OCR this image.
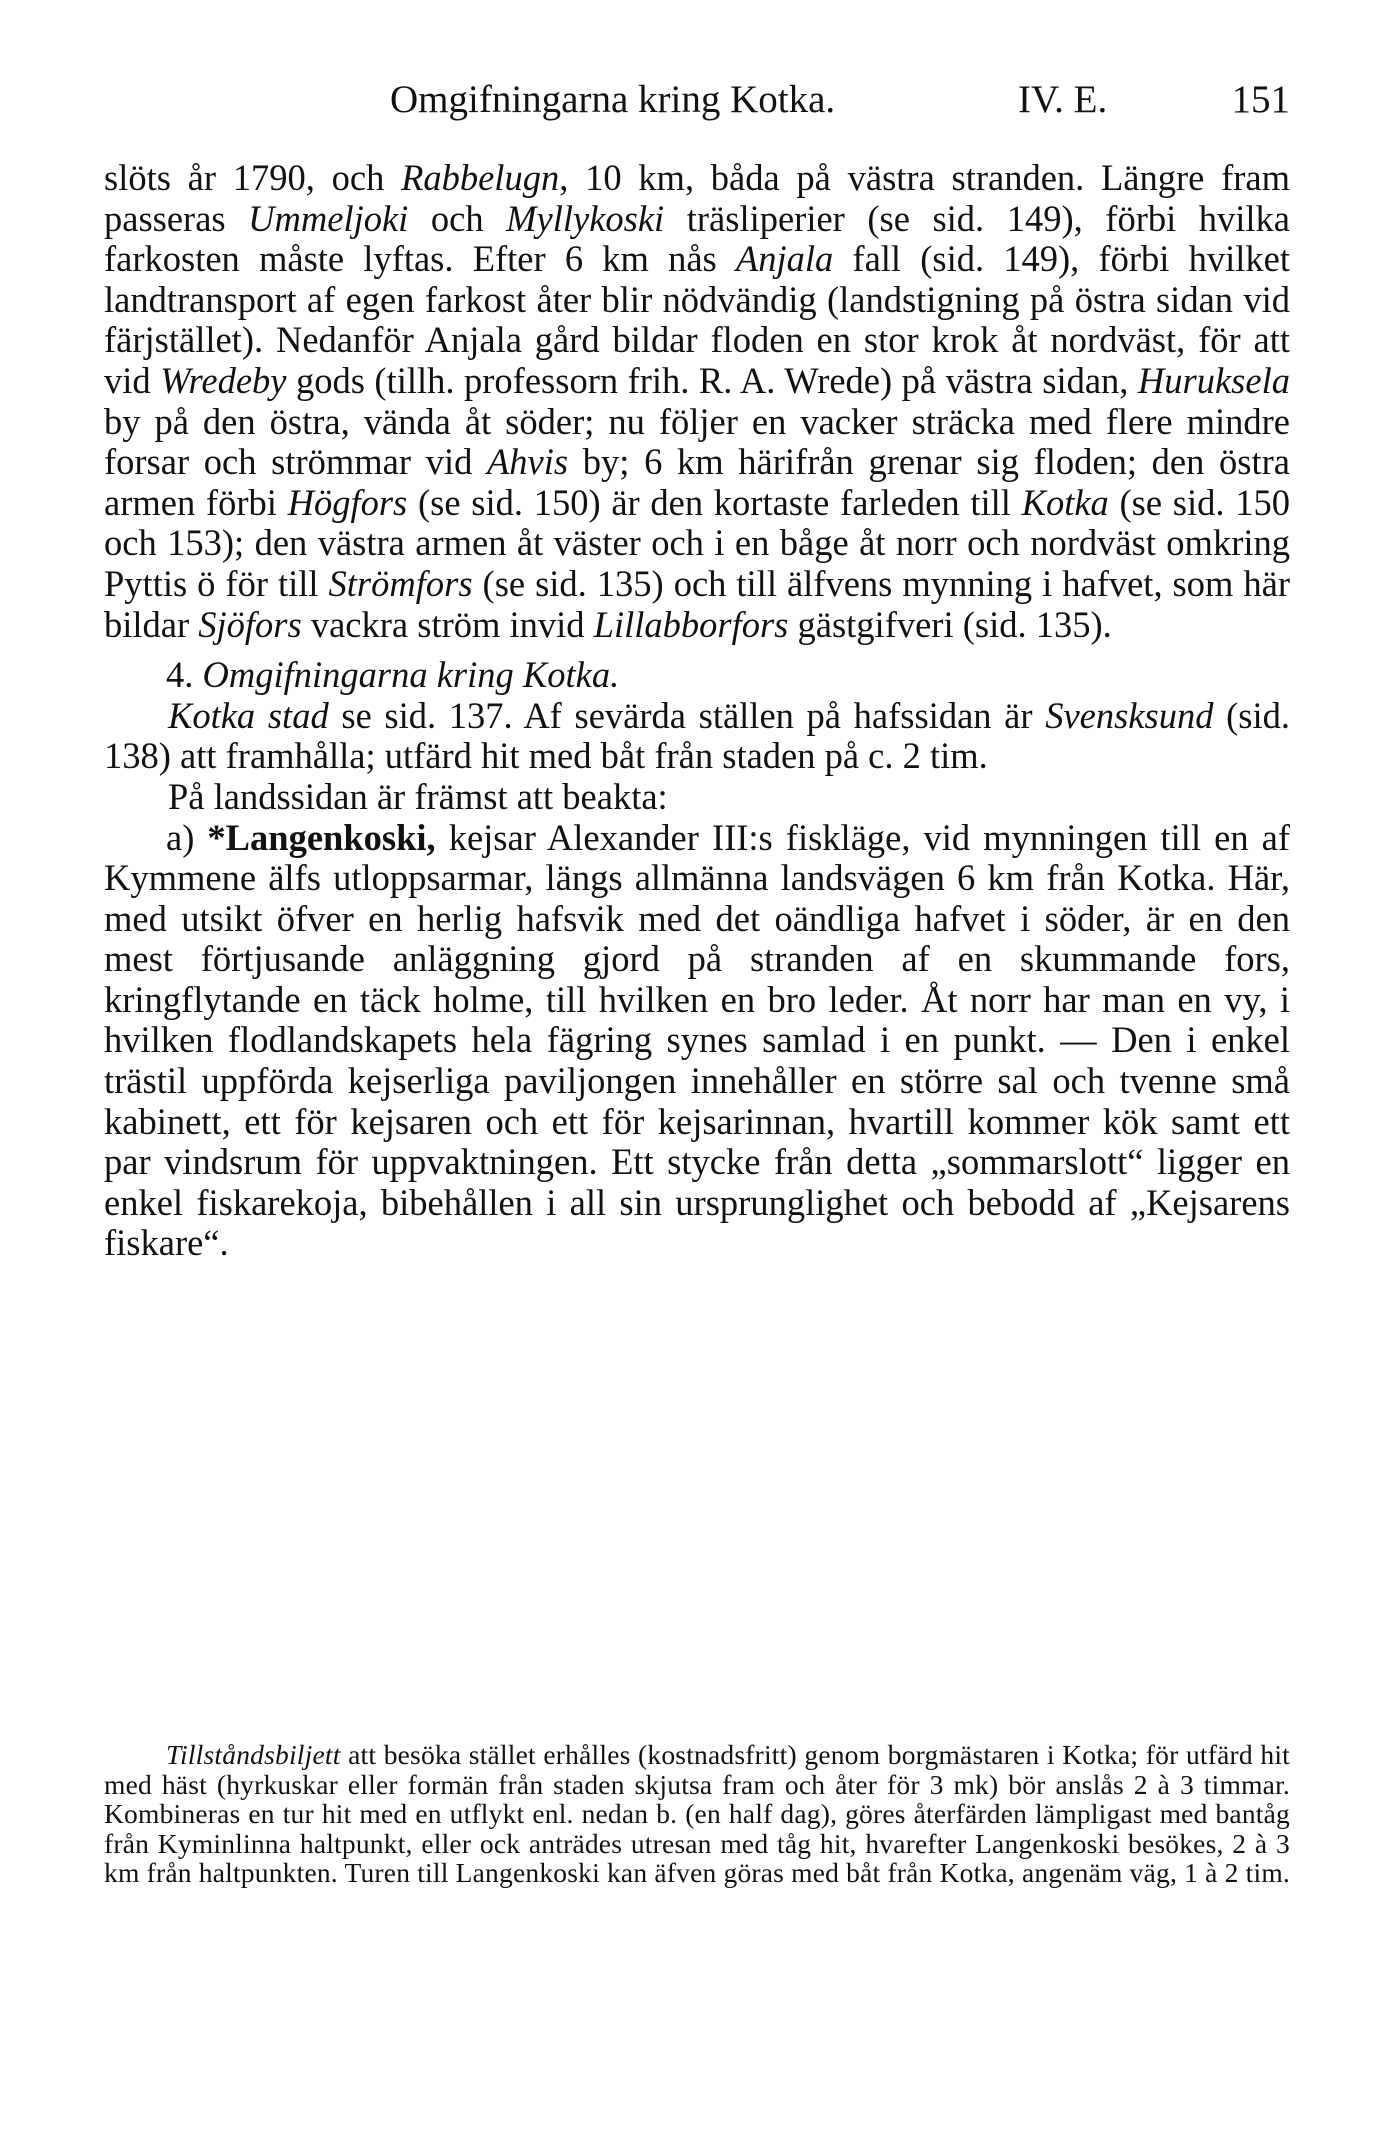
Omgifningarna kring Kotka.	IV. E.	151

slöts år 1790, och Rabbelugn, 10 km, båda på västra stranden. Längre fram passeras Ummeljoki och Myllykoski träsliperier (se sid. 149), förbi hvilka farkosten måste lyftas. Efter 6 km nås Anjala fall (sid. 149), förbi hvilket landtransport af egen farkost åter blir nödvändig (landstigning på östra sidan vid färjstället). Nedanför Anjala gård bildar floden en stor krok åt nordväst, för att vid Wredeby gods (tillh. professorn frih. R. A. Wrede) på västra sidan, Huruksela by på den östra, vända åt söder; nu följer en vacker sträcka med flere mindre forsar och strömmar vid Ahvis by; 6 km härifrån grenar sig floden; den östra armen förbi Högfors (se sid. 150) är den kortaste farleden till Kotka (se sid. 150 och 153); den västra armen åt väster och i en båge åt norr och nordväst omkring Pyttis ö för till Strömfors (se sid. 135) och till älfvens mynning i hafvet, som här bildar Sjöfors vackra ström invid Lillabborfors gästgifveri (sid. 135).

4. Omgifningarna kring Kotka.

Kotka stad se sid. 137. Af sevärda ställen på hafssidan är Svensksund (sid. 138) att framhålla; utfärd hit med båt från staden på c. 2 tim.

På landssidan är främst att beakta:

a) *Langenkoski, kejsar Alexander III:s fiskläge, vid mynningen till en af Kymmene älfs utloppsarmar, längs allmänna landsvägen 6 km från Kotka. Här, med utsikt öfver en herlig hafsvik med det oändliga hafvet i söder, är en den mest förtjusande anläggning gjord på stranden af en skummande fors, kringflytande en täck holme, till hvilken en bro leder. Åt norr har man en vy, i hvilken flodlandskapets hela fägring synes samlad i en punkt. — Den i enkel trästil uppförda kejserliga paviljongen innehåller en större sal och tvenne små kabinett, ett för kejsaren och ett för kejsarinnan, hvartill kommer kök samt ett par vindsrum för uppvaktningen. Ett stycke från detta „sommarslott“ ligger en enkel fiskarekoja, bibehållen i all sin ursprunglighet och bebodd af „Kejsarens fiskare“.

Tillståndsbiljett att besöka stället erhålles (kostnadsfritt) genom borgmästaren i Kotka; för utfärd hit med häst (hyrkuskar eller formän från staden skjutsa fram och åter för 3 mk) bör anslås 2 à 3 timmar. Kombineras en tur hit med en utflykt enl. nedan b. (en half dag), göres återfärden lämpligast med bantåg från Kyminlinna haltpunkt, eller ock anträdes utresan med tåg hit, hvarefter Langenkoski besökes, 2 à 3 km från haltpunkten. Turen till Langenkoski kan äfven göras med båt från Kotka, angenäm väg, 1 à 2 tim.
